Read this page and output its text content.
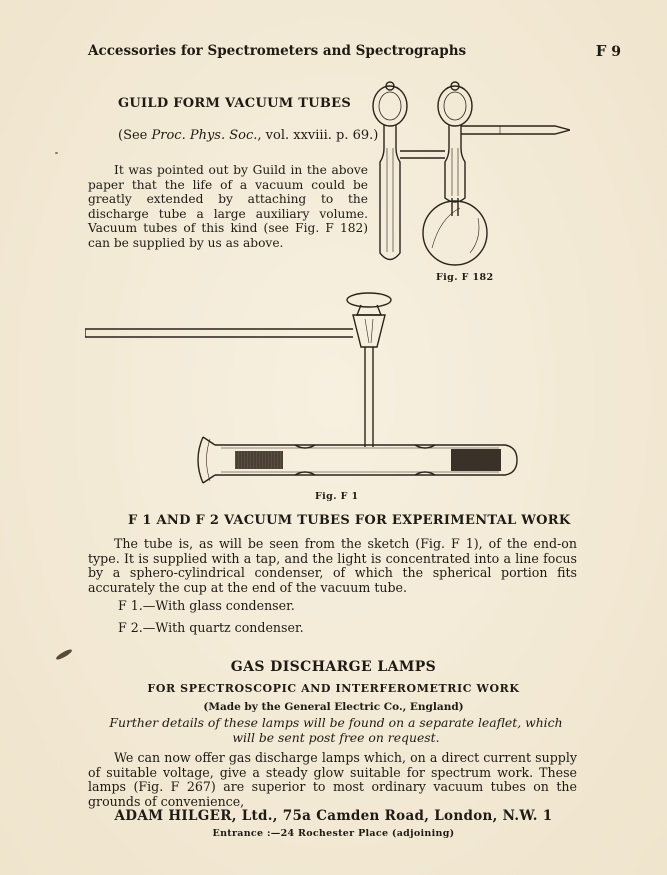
Accessories for Spectrometers and Spectrographs	F 9
GUILD FORM VACUUM TUBES
(See Proc. Phys. Soc., vol. xxviii. p. 69.)
It was pointed out by Guild in the above paper that the life of a vacuum could be greatly extended by attaching to the discharge tube a large auxiliary volume. Vacuum tubes of this kind (see Fig. F 182) can be supplied by us as above.
Fig. F 182
Fig. F 1
F 1 AND F 2 VACUUM TUBES FOR EXPERIMENTAL WORK
The tube is, as will be seen from the sketch (Fig. F 1), of the end-on type. It is supplied with a tap, and the light is concentrated into a line focus by a sphero-cylindrical condenser, of which the spherical portion fits accurately the cup at the end of the vacuum tube.
F 1.—With glass condenser.
F 2.—With quartz condenser.
GAS DISCHARGE LAMPS
FOR SPECTROSCOPIC AND INTERFEROMETRIC WORK
(Made by the General Electric Co., England)
Further details of these lamps will be found on a separate leaflet, which will be sent post free on request.
We can now offer gas discharge lamps which, on a direct current supply of suitable voltage, give a steady glow suitable for spectrum work. These lamps (Fig. F 267) are superior to most ordinary vacuum tubes on the grounds of convenience,
ADAM HILGER, Ltd., 75a Camden Road, London, N.W. 1
Entrance :—24 Rochester Place (adjoining)
